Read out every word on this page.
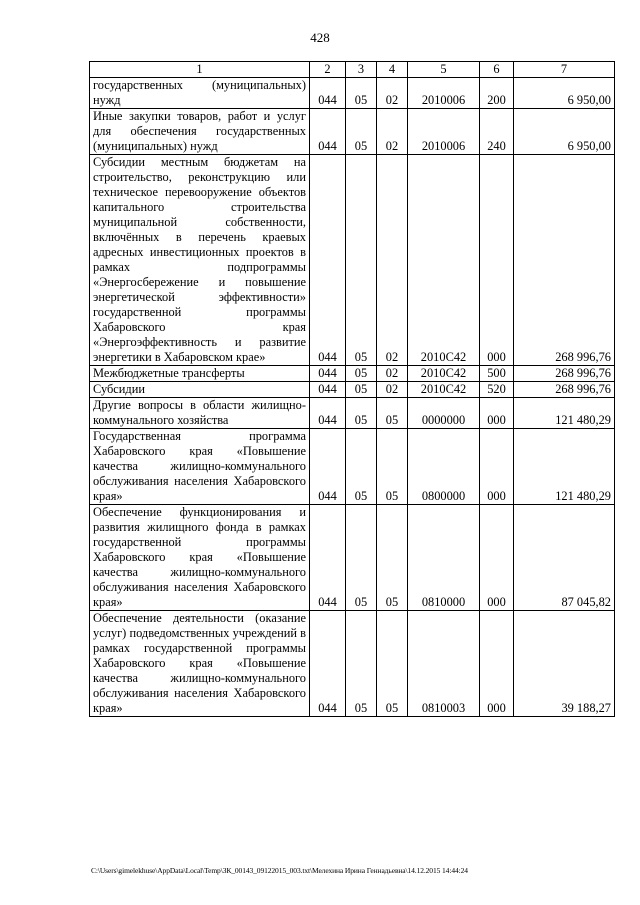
428
1	2	3	4	5	6	7
государственных (муниципальных) нужд	044	05	02	2010006	200	6 950,00
Иные закупки товаров, работ и услуг для обеспечения государственных (муниципальных) нужд	044	05	02	2010006	240	6 950,00
Субсидии местным бюджетам на строительство, реконструкцию или техническое перевооружение объектов капитального строительства муниципальной собственности, включённых в перечень краевых адресных инвестиционных проектов в рамках подпрограммы «Энергосбережение и повышение энергетической эффективности» государственной программы Хабаровского края «Энергоэффективность и развитие энергетики в Хабаровском крае»	044	05	02	2010С42	000	268 996,76
Межбюджетные трансферты	044	05	02	2010С42	500	268 996,76
Субсидии	044	05	02	2010С42	520	268 996,76
Другие вопросы в области жилищно-коммунального хозяйства	044	05	05	0000000	000	121 480,29
Государственная программа Хабаровского края «Повышение качества жилищно-коммунального обслуживания населения Хабаровского края»	044	05	05	0800000	000	121 480,29
Обеспечение функционирования и развития жилищного фонда в рамках государственной программы Хабаровского края «Повышение качества жилищно-коммунального обслуживания населения Хабаровского края»	044	05	05	0810000	000	87 045,82
Обеспечение деятельности (оказание услуг) подведомственных учреждений в рамках государственной программы Хабаровского края «Повышение качества жилищно-коммунального обслуживания населения Хабаровского края»	044	05	05	0810003	000	39 188,27
C:\Users\gimelekhuse\AppData\Local\Temp\ЗК_00143_09122015_003.txt\Мелехина Ирина Геннадьевна\14.12.2015 14:44:24
